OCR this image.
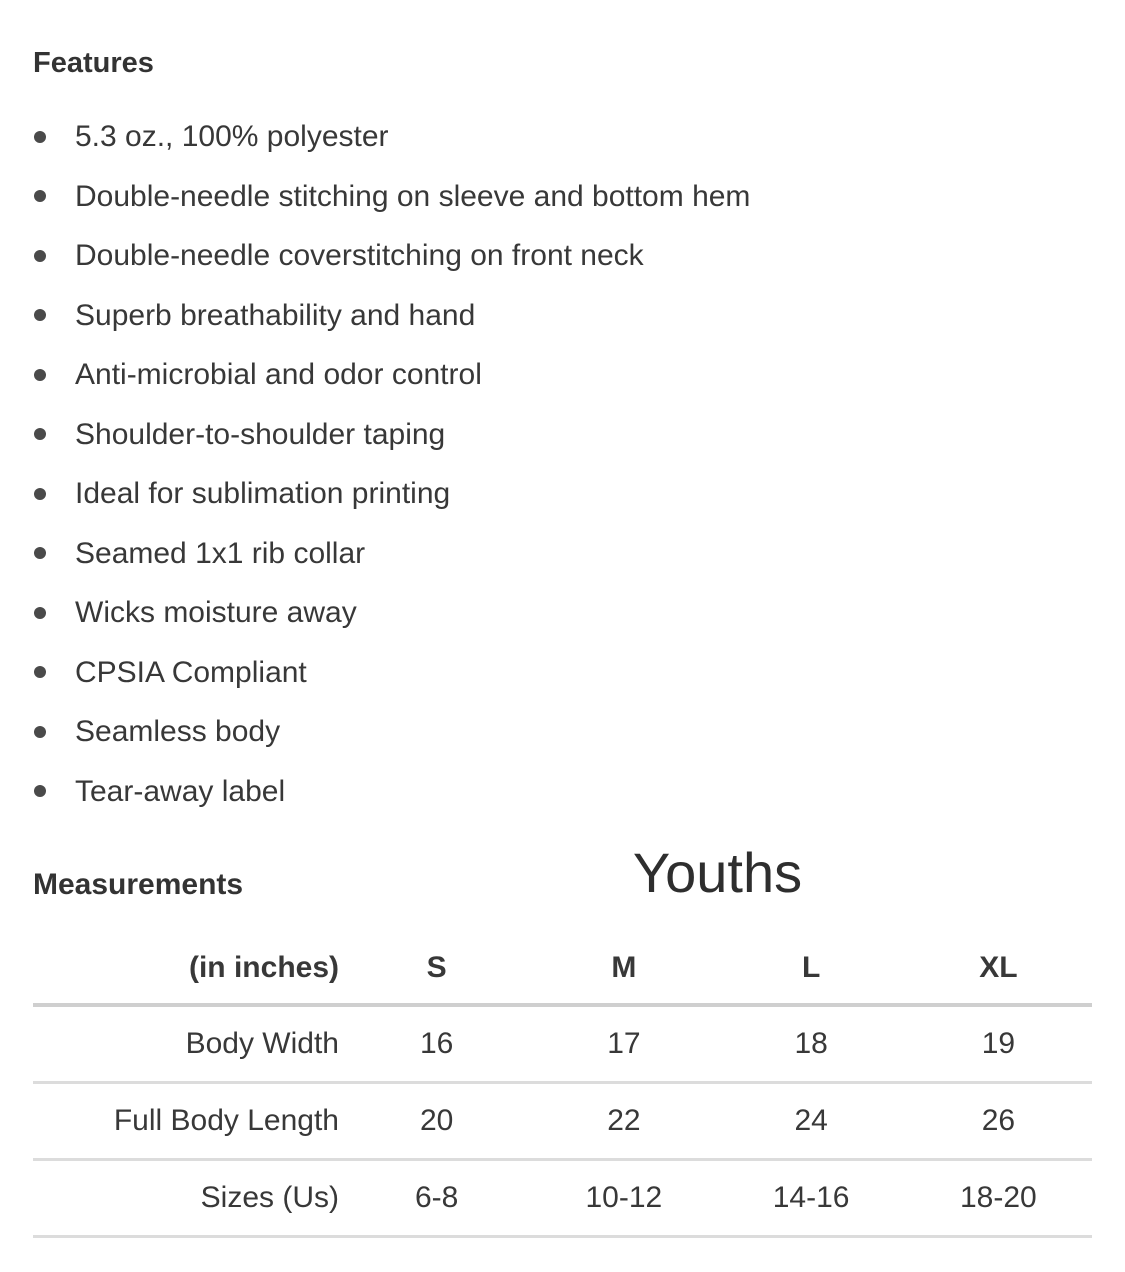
Features
5.3 oz., 100% polyester
Double-needle stitching on sleeve and bottom hem
Double-needle coverstitching on front neck
Superb breathability and hand
Anti-microbial and odor control
Shoulder-to-shoulder taping
Ideal for sublimation printing
Seamed 1x1 rib collar
Wicks moisture away
CPSIA Compliant
Seamless body
Tear-away label
Measurements	Youths
(in inches)	S	M	L	XL
Body Width	16	17	18	19
Full Body Length	20	22	24	26
Sizes (Us)	6-8	10-12	14-16	18-20
